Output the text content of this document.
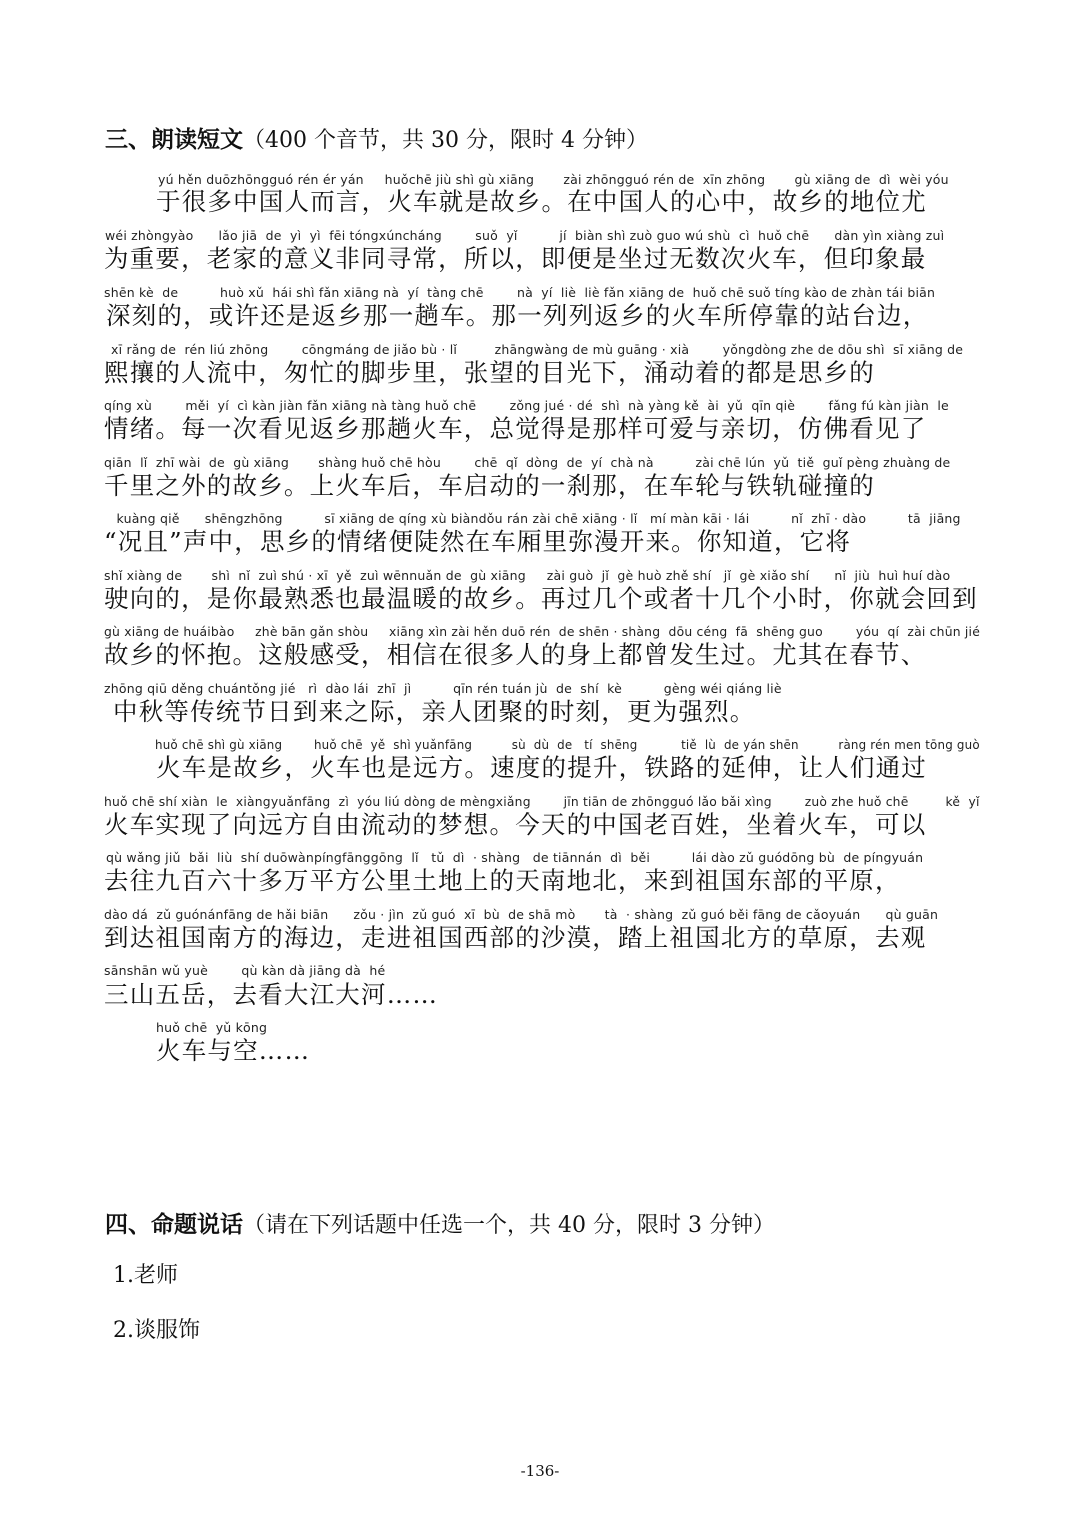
三、朗读短文（400 个音节，共 30 分，限时 4 分钟）
yú hěn duōzhōngguó rén ér yán     huǒchē jiù shì gù xiāng       zài zhōngguó rén de  xīn zhōng       gù xiāng de  dì  wèi yóu
于很多中国人而言，火车就是故乡。在中国人的心中，故乡的地位尤
wéi zhòngyào      lǎo jiā  de  yì  yì  fēi tóngxúncháng        suǒ  yǐ          jí  biàn shì zuò guo wú shù  cì  huǒ chē      dàn yìn xiàng zuì
为重要，老家的意义非同寻常，所以，即便是坐过无数次火车，但印象最
shēn kè  de          huò xǔ  hái shì fǎn xiāng nà  yí  tàng chē        nà  yí  liè  liè fǎn xiāng de  huǒ chē suǒ tíng kào de zhàn tái biān
深刻的，或许还是返乡那一趟车。那一列列返乡的火车所停靠的站台边，
xī rǎng de  rén liú zhōng        cōngmáng de jiǎo bù · lǐ         zhāngwàng de mù guāng · xià        yǒngdòng zhe de dōu shì  sī xiāng de
熙攘的人流中，匆忙的脚步里，张望的目光下，涌动着的都是思乡的
qíng xù        měi  yí  cì kàn jiàn fǎn xiāng nà tàng huǒ chē        zǒng jué · dé  shì  nà yàng kě  ài  yǔ  qīn qiè        fǎng fú kàn jiàn  le
情绪。每一次看见返乡那趟火车，总觉得是那样可爱与亲切，仿佛看见了
qiān  lǐ  zhī wài  de  gù xiāng       shàng huǒ chē hòu        chē  qǐ  dòng  de  yí  chà nà          zài chē lún  yǔ  tiě  guǐ pèng zhuàng de
千里之外的故乡。上火车后，车启动的一刹那，在车轮与铁轨碰撞的
kuàng qiě      shēngzhōng          sī xiāng de qíng xù biàndǒu rán zài chē xiāng · lǐ   mí màn kāi · lái          nǐ  zhī · dào          tā  jiāng
“况且”声中，思乡的情绪便陡然在车厢里弥漫开来。你知道，它将
shǐ xiàng de       shì  nǐ  zuì shú · xī  yě  zuì wēnnuǎn de  gù xiāng     zài guò  jǐ  gè huò zhě shí   jǐ  gè xiǎo shí      nǐ  jiù  huì huí dào
驶向的，是你最熟悉也最温暖的故乡。再过几个或者十几个小时，你就会回到
gù xiāng de huáibào     zhè bān gǎn shòu     xiāng xìn zài hěn duō rén  de shēn · shàng  dōu céng  fā  shēng guo        yóu  qí  zài chūn jié
故乡的怀抱。这般感受，相信在很多人的身上都曾发生过。尤其在春节、
zhōng qiū děng chuántǒng jié   rì  dào lái  zhī  jì          qīn rén tuán jù  de  shí  kè          gèng wéi qiáng liè
中秋等传统节日到来之际，亲人团聚的时刻，更为强烈。
huǒ chē shì gù xiāng        huǒ chē  yě  shì yuǎnfāng          sù  dù  de   tí  shēng           tiě  lù  de yán shēn          ràng rén men tōng guò
火车是故乡，火车也是远方。速度的提升，铁路的延伸，让人们通过
huǒ chē shí xiàn  le  xiàngyuǎnfāng  zì  yóu liú dòng de mèngxiǎng        jīn tiān de zhōngguó lǎo bǎi xìng        zuò zhe huǒ chē         kě  yǐ
火车实现了向远方自由流动的梦想。今天的中国老百姓，坐着火车，可以
qù wǎng jiǔ  bǎi  liù  shí duōwànpíngfānggōng  lǐ   tǔ  dì  · shàng   de tiānnán  dì  běi          lái dào zǔ guódōng bù  de píngyuán
去往九百六十多万平方公里土地上的天南地北，来到祖国东部的平原，
dào dá  zǔ guónánfāng de hǎi biān      zǒu · jìn  zǔ guó  xī  bù  de shā mò       tà  · shàng  zǔ guó běi fāng de cǎoyuán      qù guān
到达祖国南方的海边，走进祖国西部的沙漠，踏上祖国北方的草原，去观
sānshān wǔ yuè        qù kàn dà jiāng dà  hé
三山五岳，去看大江大河……
huǒ chē  yǔ kōng
火车与空……
四、命题说话（请在下列话题中任选一个，共 40 分，限时 3 分钟）
1.老师
2.谈服饰
-136-
